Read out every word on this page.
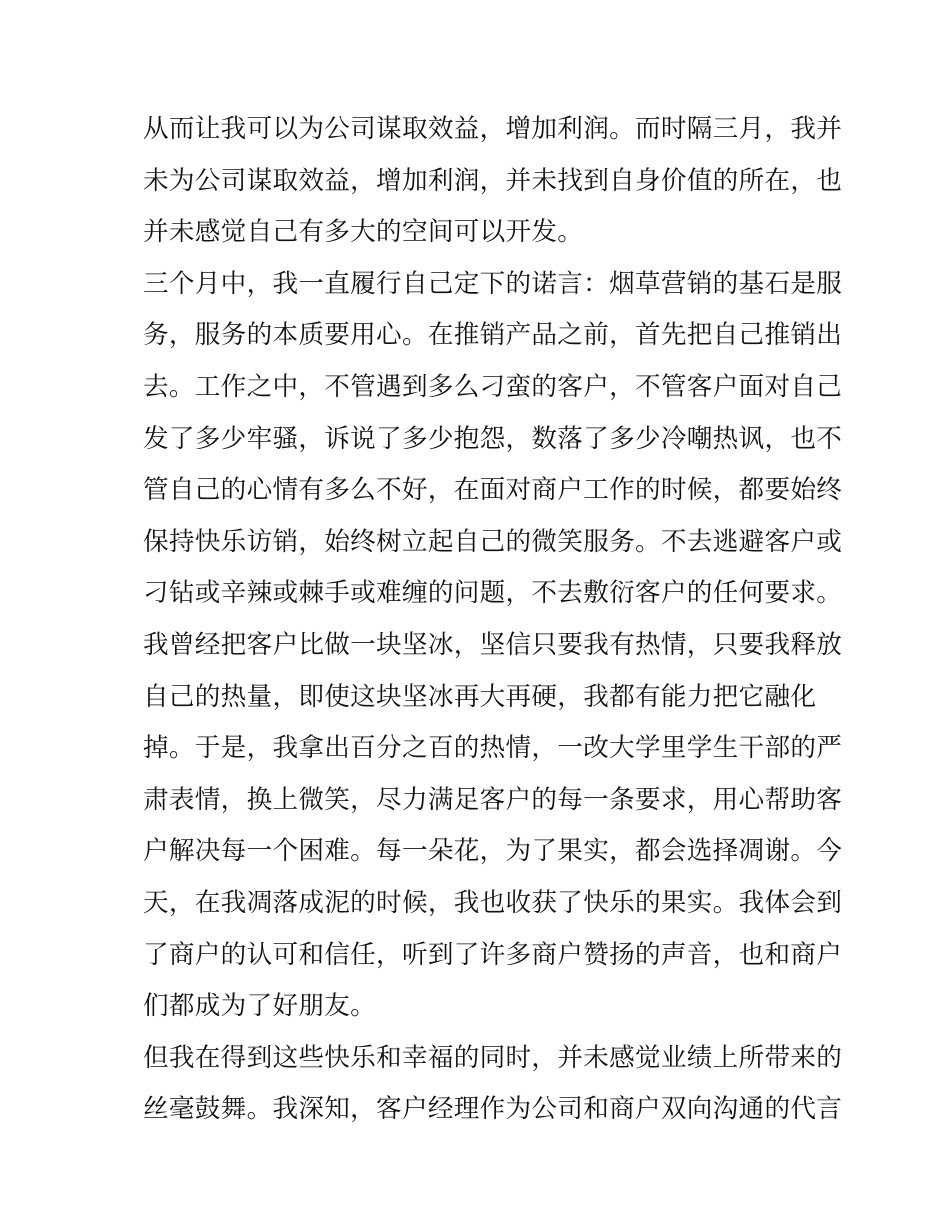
从而让我可以为公司谋取效益，增加利润。而时隔三月，我并
未为公司谋取效益，增加利润，并未找到自身价值的所在，也
并未感觉自己有多大的空间可以开发。
三个月中，我一直履行自己定下的诺言：烟草营销的基石是服
务，服务的本质要用心。在推销产品之前，首先把自己推销出
去。工作之中，不管遇到多么刁蛮的客户，不管客户面对自己
发了多少牢骚，诉说了多少抱怨，数落了多少冷嘲热讽，也不
管自己的心情有多么不好，在面对商户工作的时候，都要始终
保持快乐访销，始终树立起自己的微笑服务。不去逃避客户或
刁钻或辛辣或棘手或难缠的问题，不去敷衍客户的任何要求。
我曾经把客户比做一块坚冰，坚信只要我有热情，只要我释放
自己的热量，即使这块坚冰再大再硬，我都有能力把它融化
掉。于是，我拿出百分之百的热情，一改大学里学生干部的严
肃表情，换上微笑，尽力满足客户的每一条要求，用心帮助客
户解决每一个困难。每一朵花，为了果实，都会选择凋谢。今
天，在我凋落成泥的时候，我也收获了快乐的果实。我体会到
了商户的认可和信任，听到了许多商户赞扬的声音，也和商户
们都成为了好朋友。
但我在得到这些快乐和幸福的同时，并未感觉业绩上所带来的
丝毫鼓舞。我深知，客户经理作为公司和商户双向沟通的代言
